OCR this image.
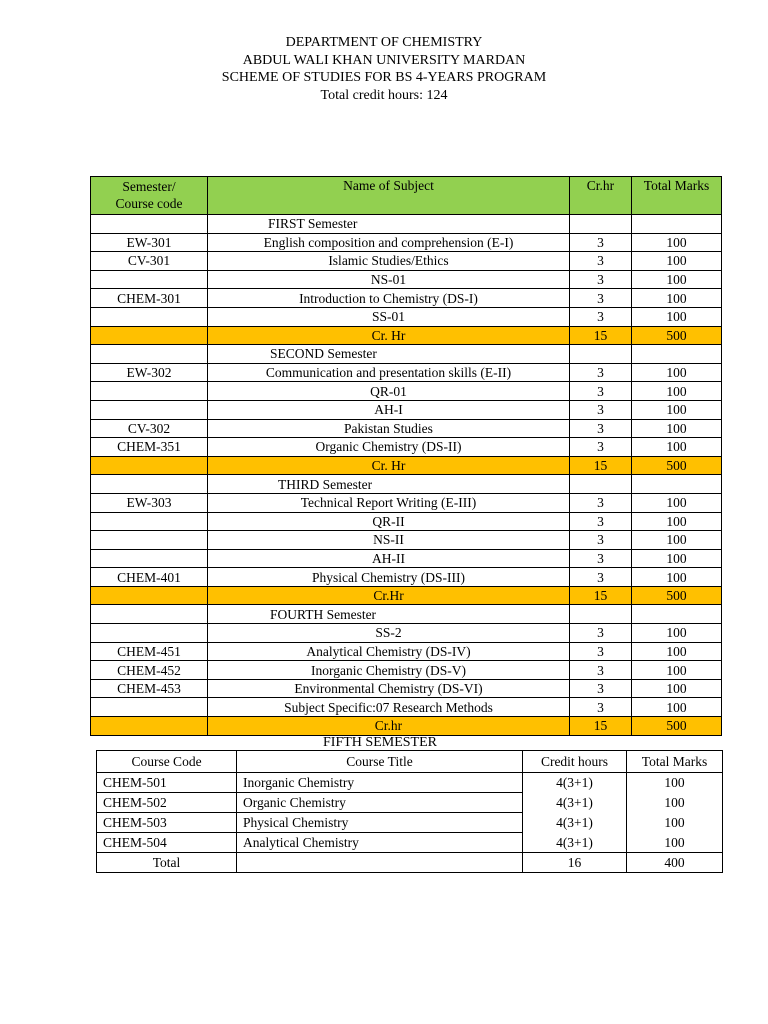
DEPARTMENT OF CHEMISTRY
ABDUL WALI KHAN UNIVERSITY MARDAN
SCHEME OF STUDIES FOR BS 4-YEARS PROGRAM
Total credit hours: 124
Semester/
Course code	Name of Subject	Cr.hr	Total Marks
	FIRST Semester		
EW-301	English composition and comprehension (E-I)	3	100
CV-301	Islamic Studies/Ethics	3	100
	NS-01	3	100
CHEM-301	Introduction to Chemistry (DS-I)	3	100
	SS-01	3	100
	Cr. Hr	15	500
	SECOND Semester		
EW-302	Communication and presentation skills (E-II)	3	100
	QR-01	3	100
	AH-I	3	100
CV-302	Pakistan Studies	3	100
CHEM-351	Organic Chemistry (DS-II)	3	100
	Cr. Hr	15	500
	THIRD Semester		
EW-303	Technical Report Writing (E-III)	3	100
	QR-II	3	100
	NS-II	3	100
	AH-II	3	100
CHEM-401	Physical Chemistry (DS-III)	3	100
	Cr.Hr	15	500
	FOURTH Semester		
	SS-2	3	100
CHEM-451	Analytical Chemistry (DS-IV)	3	100
CHEM-452	Inorganic Chemistry (DS-V)	3	100
CHEM-453	Environmental Chemistry (DS-VI)	3	100
	Subject Specific:07 Research Methods	3	100
	Cr.hr	15	500
FIFTH SEMESTER
Course Code	Course Title	Credit hours	Total Marks
CHEM-501	Inorganic Chemistry	4(3+1)	100
CHEM-502	Organic Chemistry	4(3+1)	100
CHEM-503	Physical Chemistry	4(3+1)	100
CHEM-504	Analytical Chemistry	4(3+1)	100
Total		16	400
